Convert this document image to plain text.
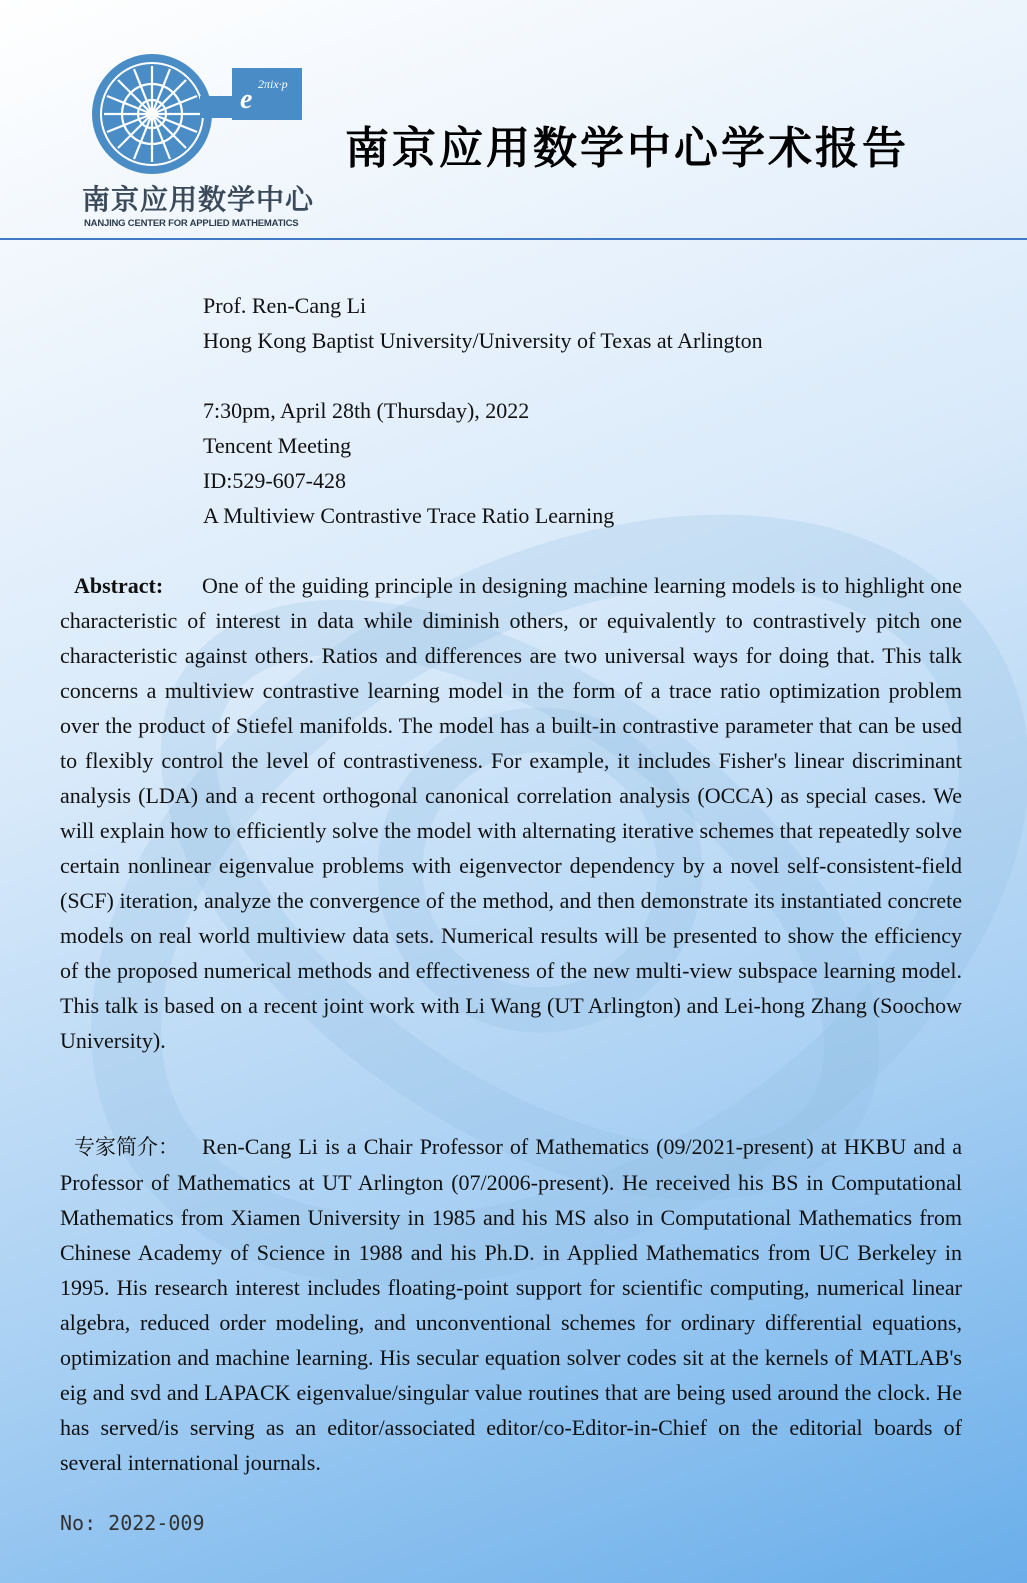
e 2πix·p
南京应用数学中心
NANJING CENTER FOR APPLIED MATHEMATICS
南京应用数学中心学术报告
Prof. Ren-Cang Li
Hong Kong Baptist University/University of Texas at Arlington
7:30pm, April 28th (Thursday), 2022
Tencent Meeting
ID:529-607-428
A Multiview Contrastive Trace Ratio Learning
Abstract: One of the guiding principle in designing machine learning models is to highlight one characteristic of interest in data while diminish others, or equivalently to contrastively pitch one characteristic against others. Ratios and differences are two universal ways for doing that. This talk concerns a multiview contrastive learning model in the form of a trace ratio optimization problem over the product of Stiefel manifolds. The model has a built-in contrastive parameter that can be used to flexibly control the level of contrastiveness. For example, it includes Fisher's linear discriminant analysis (LDA) and a recent orthogonal canonical correlation analysis (OCCA) as special cases. We will explain how to efficiently solve the model with alternating iterative schemes that repeatedly solve certain nonlinear eigenvalue problems with eigenvector dependency by a novel self-consistent-field (SCF) iteration, analyze the convergence of the method, and then demonstrate its instantiated concrete models on real world multiview data sets. Numerical results will be presented to show the efficiency of the proposed numerical methods and effectiveness of the new multi-view subspace learning model. This talk is based on a recent joint work with Li Wang (UT Arlington) and Lei-hong Zhang (Soochow University).
专家简介： Ren-Cang Li is a Chair Professor of Mathematics (09/2021-present) at HKBU and a Professor of Mathematics at UT Arlington (07/2006-present). He received his BS in Computational Mathematics from Xiamen University in 1985 and his MS also in Computational Mathematics from Chinese Academy of Science in 1988 and his Ph.D. in Applied Mathematics from UC Berkeley in 1995. His research interest includes floating-point support for scientific computing, numerical linear algebra, reduced order modeling, and unconventional schemes for ordinary differential equations, optimization and machine learning. His secular equation solver codes sit at the kernels of MATLAB's eig and svd and LAPACK eigenvalue/singular value routines that are being used around the clock. He has served/is serving as an editor/associated editor/co-Editor-in-Chief on the editorial boards of several international journals.
No: 2022-009
